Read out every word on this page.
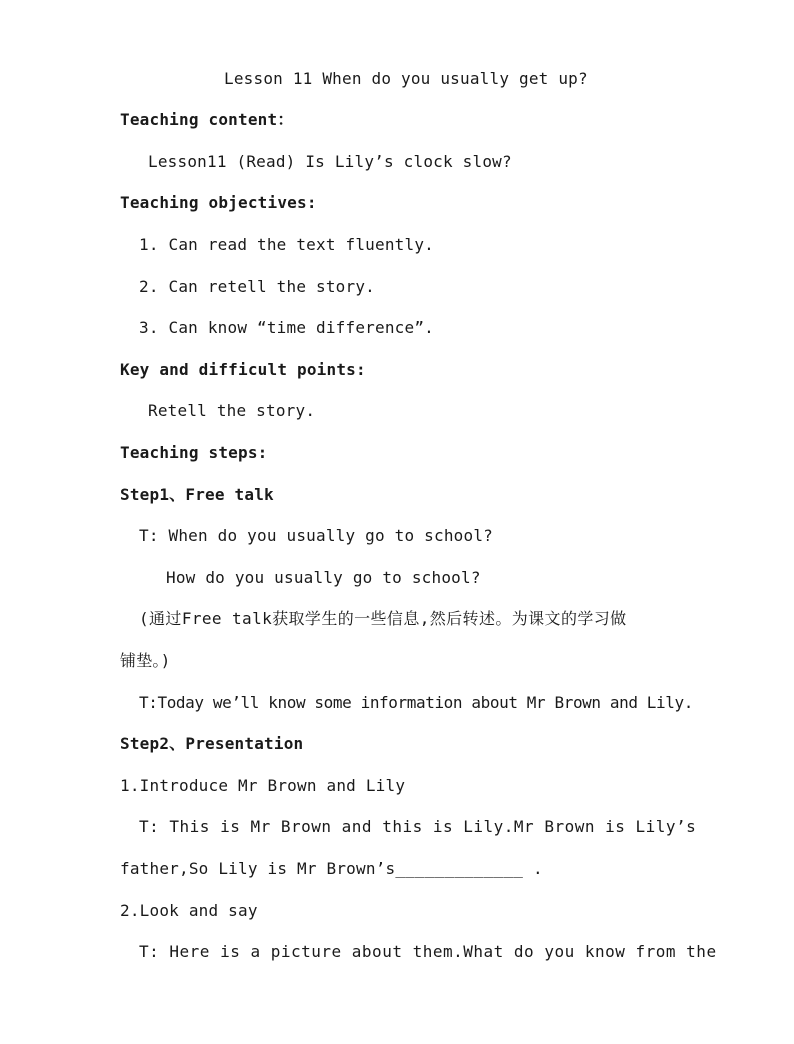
Lesson 11 When do you usually get up?
Teaching content：
Lesson11 (Read) Is Lily’s clock slow?
Teaching objectives:
1. Can read the text fluently.
2. Can retell the story.
3. Can know “time difference”.
Key and difficult points:
Retell the story.
Teaching steps:
Step1、Free talk
T: When do you usually go to school?
How do you usually go to school?
(通过Free talk获取学生的一些信息,然后转述。为课文的学习做
铺垫。)
T:Today we’ll know some information about Mr Brown and Lily.
Step2、Presentation
1.Introduce Mr Brown and Lily
T: This is Mr Brown and this is Lily.Mr Brown is Lily’s
father,So Lily is Mr Brown’s_____________ .
2.Look and say
T: Here is a picture about them.What do you know from the
